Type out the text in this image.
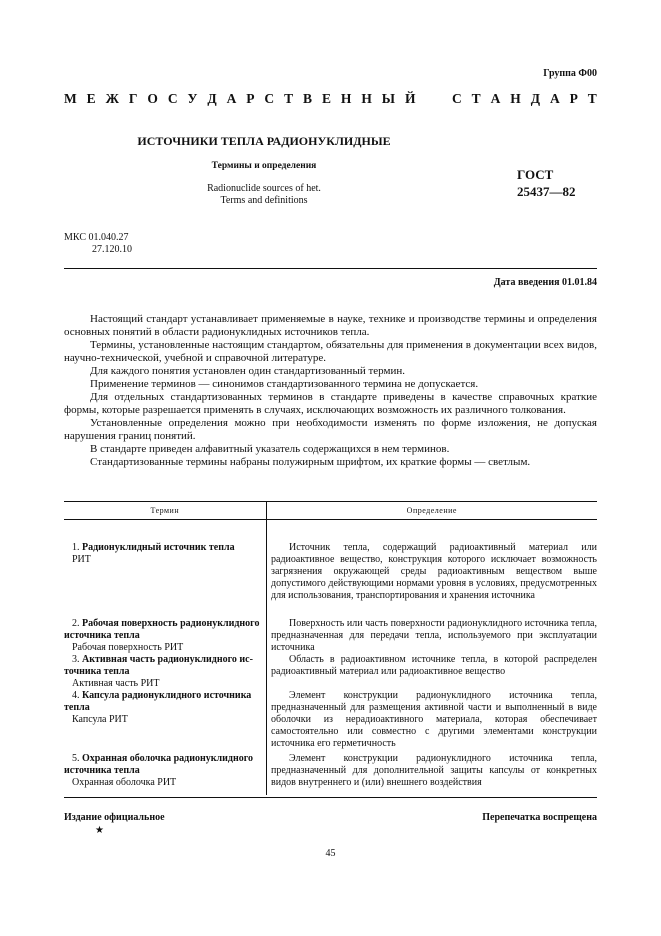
Группа Ф00
М Е Ж Г О С У Д А Р С Т В Е Н Н Ы Й

	С Т А Н Д А Р Т
ИСТОЧНИКИ ТЕПЛА РАДИОНУКЛИДНЫЕ
Термины и определения
Radionuclide sources of het.
Terms and definitions
ГОСТ
25437—82
МКС 01.040.27
27.120.10
Дата введения 01.01.84

Настоящий стандарт устанавливает применяемые в науке, технике и производстве термины и определения основных понятий в области радионуклидных источников тепла.

Термины, установленные настоящим стандартом, обязательны для применения в документации всех видов, научно-технической, учебной и справочной литературе.

Для каждого понятия установлен один стандартизованный термин.

Применение терминов — синонимов стандартизованного термина не допускается.

Для отдельных стандартизованных терминов в стандарте приведены в качестве справочных краткие формы, которые разрешается применять в случаях, исключающих возможность их различного толкования.

Установленные определения можно при необходимости изменять по форме изложения, не допуская нарушения границ понятий.

В стандарте приведен алфавитный указатель содержащихся в нем терминов.

Стандартизованные термины набраны полужирным шрифтом, их краткие формы — светлым.

Термин	Определение
1. Радионуклидный источник тепла
РИТ

Источник тепла, содержащий радиоактивный материал или радиоактивное вещество, конструкция которого исключает возможность загрязнения окружающей среды радиоактивным веществом выше допустимого действующими нормами уровня в условиях, предусмотренных для использования, транспортирования и хранения источника

2. Рабочая поверхность радионуклидного
источника тепла
Рабочая поверхность РИТ

Поверхность или часть поверхности радионуклидного источника тепла, предназначенная для передачи тепла, используемого при эксплуатации источника

3. Активная часть радионуклидного ис-
точника тепла
Активная часть РИТ

Область в радиоактивном источнике тепла, в которой распределен радиоактивный материал или радиоактивное вещество

4. Капсула радионуклидного источника
тепла
Капсула РИТ

Элемент конструкции радионуклидного источника тепла, предназначенный для размещения активной части и выполненный в виде оболочки из нерадиоактивного материала, которая обеспечивает самостоятельно или совместно с другими элементами конструкции источника его герметичность

5. Охранная оболочка радионуклидного
источника тепла
Охранная оболочка РИТ

Элемент конструкции радионуклидного источника тепла, предназначенный для дополнительной защиты капсулы от конкретных видов внутреннего и (или) внешнего воздействия

Издание официальное
★
Перепечатка воспрещена
45
